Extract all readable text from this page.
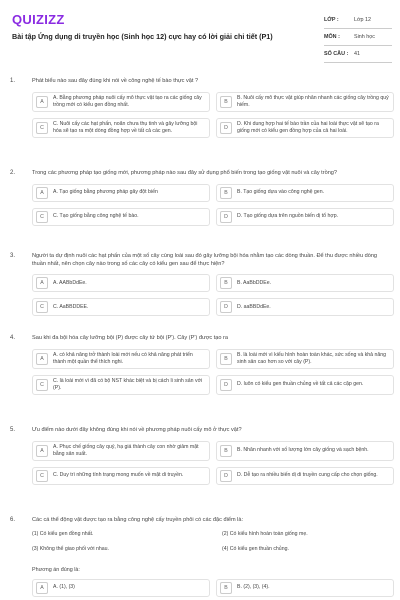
QUIZIZZ
Bài tập Ứng dụng di truyền học (Sinh học 12) cực hay có lời giải chi tiết (P1)
LỚP :	Lớp 12
MÔN :	Sinh học
SỐ CÂU :	41
1.	Phát biểu nào sau đây đúng khi nói về công nghệ tế bào thực vật ?
A
A. Bằng phương pháp nuôi cấy mô thực vật tạo ra các giống cây trồng mới có kiểu gen đồng nhất.	B
B. Nuôi cấy mô thực vật giúp nhân nhanh các giống cây trồng quý hiếm.
C
C. Nuôi cấy các hạt phấn, noãn chưa thụ tinh và gây lưỡng bội hóa sẽ tạo ra một dòng đồng hợp về tất cả các gen.	D
D. Khi dung hợp hai tế bào trần của hai loài thực vật sẽ tạo ra giống mới có kiểu gen đồng hợp của cả hai loài.
2.	Trong các phương pháp tạo giống mới, phương pháp nào sau đây sử dụng phổ biến trong tạo giống vật nuôi và cây trồng?
A	A. Tạo giống bằng phương pháp gây đột biến	B	B. Tạo giống dựa vào công nghệ gen.
C	C. Tạo giống bằng công nghệ tế bào.	D	D. Tạo giống dựa trên nguồn biến dị tổ hợp.
3.	Người ta dự định nuôi các hạt phấn của một số cây cùng loài sau đó gây lưỡng bội hóa nhằm tạo các dòng thuần. Để thu được nhiều dòng thuần nhất, nên chọn cây nào trong số các cây có kiểu gen sau để thực hiện?
A	A. AABbDdEe.	B	B. AaBbDDEe.
C	C. AaBBDDEE.	D	D. aaBBDdEe.
4.	Sau khi đa bội hóa cây lưỡng bội (P) được cây tứ bội (P'). Cây (P') được tạo ra
A
A. có khả năng trở thành loài mới nếu có khả năng phát triển thành một quần thể thích nghi.	B
B. là loài mới vì kiểu hình hoàn toàn khác, sức sống và khả năng sinh sản cao hơn so với cây (P).
C
C. là loài mới vì đã có bộ NST khác biệt và bị cách li sinh sản với (P).	D	D. luôn có kiểu gen thuần chủng về tất cả các cặp gen.
5.	Ưu điểm nào dưới đây không đúng khi nói về phương pháp nuôi cấy mô ở thực vật?
A
A. Phục chế giống cây quý, hạ giá thành cây con nhờ giảm mặt bằng sản xuất.	B	B. Nhân nhanh với số lượng lớn cây giống và sạch bệnh.
C	C. Duy trì những tính trạng mong muốn về mặt di truyền.	D	D. Dễ tạo ra nhiều biến dị di truyền cung cấp cho chọn giống.
6.	Các cá thể động vật được tạo ra bằng công nghệ cấy truyền phôi có các đặc điểm là:
(1) Có kiểu gen đồng nhất.	(2) Có kiểu hình hoàn toàn giống mẹ.
(3) Không thể giao phối với nhau.	(4) Có kiểu gen thuần chủng.
Phương án đúng là:
A	A. (1), (3)	B	B. (2), (3), (4).
